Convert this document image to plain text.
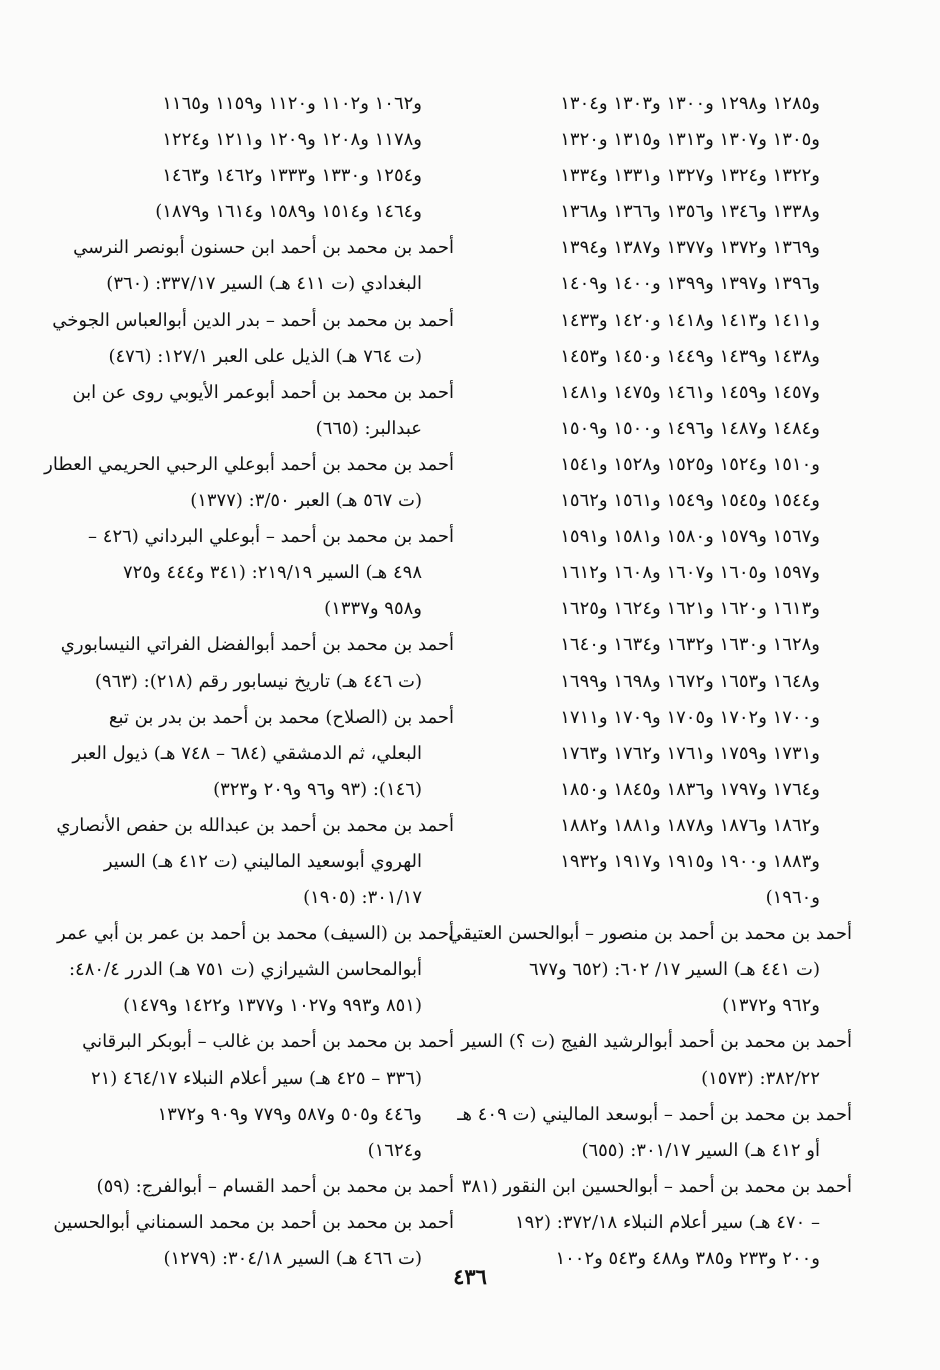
و١٢٨٥ و١٢٩٨ و١٣٠٠ و١٣٠٣ و١٣٠٤
و١٣٠٥ و١٣٠٧ و١٣١٣ و١٣١٥ و١٣٢٠
و١٣٢٢ و١٣٢٤ و١٣٢٧ و١٣٣١ و١٣٣٤
و١٣٣٨ و١٣٤٦ و١٣٥٦ و١٣٦٦ و١٣٦٨
و١٣٦٩ و١٣٧٢ و١٣٧٧ و١٣٨٧ و١٣٩٤
و١٣٩٦ و١٣٩٧ و١٣٩٩ و١٤٠٠ و١٤٠٩
و١٤١١ و١٤١٣ و١٤١٨ و١٤٢٠ و١٤٣٣
و١٤٣٨ و١٤٣٩ و١٤٤٩ و١٤٥٠ و١٤٥٣
و١٤٥٧ و١٤٥٩ و١٤٦١ و١٤٧٥ و١٤٨١
و١٤٨٤ و١٤٨٧ و١٤٩٦ و١٥٠٠ و١٥٠٩
و١٥١٠ و١٥٢٤ و١٥٢٥ و١٥٢٨ و١٥٤١
و١٥٤٤ و١٥٤٥ و١٥٤٩ و١٥٦١ و١٥٦٢
و١٥٦٧ و١٥٧٩ و١٥٨٠ و١٥٨١ و١٥٩١
و١٥٩٧ و١٦٠٥ و١٦٠٧ و١٦٠٨ و١٦١٢
و١٦١٣ و١٦٢٠ و١٦٢١ و١٦٢٤ و١٦٢٥
و١٦٢٨ و١٦٣٠ و١٦٣٢ و١٦٣٤ و١٦٤٠
و١٦٤٨ و١٦٥٣ و١٦٧٢ و١٦٩٨ و١٦٩٩
و١٧٠٠ و١٧٠٢ و١٧٠٥ و١٧٠٩ و١٧١١
و١٧٣١ و١٧٥٩ و١٧٦١ و١٧٦٢ و١٧٦٣
و١٧٦٤ و١٧٩٧ و١٨٣٦ و١٨٤٥ و١٨٥٠
و١٨٦٢ و١٨٧٦ و١٨٧٨ و١٨٨١ و١٨٨٢
و١٨٨٣ و١٩٠٠ و١٩١٥ و١٩١٧ و١٩٣٢
و١٩٦٠)
أحمد بن محمد بن أحمد بن منصور – أبوالحسن العتيقي
(ت ٤٤١ هـ) السير ١٧/ ٦٠٢: (٦٥٢ و٦٧٧
و٩٦٢ و١٣٧٢)
أحمد بن محمد بن أحمد أبوالرشيد الفيج (ت ؟) السير
٣٨٢/٢٢: (١٥٧٣)
أحمد بن محمد بن أحمد – أبوسعد الماليني (ت ٤٠٩ هـ
أو ٤١٢ هـ) السير ٣٠١/١٧: (٦٥٥)
أحمد بن محمد بن أحمد – أبوالحسين ابن النقور (٣٨١
– ٤٧٠ هـ) سير أعلام النبلاء ٣٧٢/١٨: (١٩٢
و٢٠٠ و٢٣٣ و٣٨٥ و٤٨٨ و٥٤٣ و١٠٠٢
و١٠٦٢ و١١٠٢ و١١٢٠ و١١٥٩ و١١٦٥
و١١٧٨ و١٢٠٨ و١٢٠٩ و١٢١١ و١٢٢٤
و١٢٥٤ و١٣٣٠ و١٣٣٣ و١٤٦٢ و١٤٦٣
و١٤٦٤ و١٥١٤ و١٥٨٩ و١٦١٤ و١٨٧٩)
أحمد بن محمد بن أحمد ابن حسنون أبونصر النرسي
البغدادي (ت ٤١١ هـ) السير ٣٣٧/١٧: (٣٦٠)
أحمد بن محمد بن أحمد – بدر الدين أبوالعباس الجوخي
(ت ٧٦٤ هـ) الذيل على العبر ١٢٧/١: (٤٧٦)
أحمد بن محمد بن أحمد أبوعمر الأيوبي روى عن ابن
عبدالبر: (٦٦٥)
أحمد بن محمد بن أحمد أبوعلي الرحبي الحريمي العطار
(ت ٥٦٧ هـ) العبر ٣/٥٠: (١٣٧٧)
أحمد بن محمد بن أحمد – أبوعلي البرداني (٤٢٦ –
٤٩٨ هـ) السير ٢١٩/١٩: (٣٤١ و٤٤٤ و٧٢٥
و٩٥٨ و١٣٣٧)
أحمد بن محمد بن أحمد أبوالفضل الفراتي النيسابوري
(ت ٤٤٦ هـ) تاريخ نيسابور رقم (٢١٨): (٩٦٣)
أحمد بن (الصلاح) محمد بن أحمد بن بدر بن تبع
البعلي، ثم الدمشقي (٦٨٤ – ٧٤٨ هـ) ذيول العبر
(١٤٦): (٩٣ و٩٦ و٢٠٩ و٣٢٣)
أحمد بن محمد بن أحمد بن عبدالله بن حفص الأنصاري
الهروي أبوسعيد الماليني (ت ٤١٢ هـ) السير
٣٠١/١٧: (١٩٠٥)
أحمد بن (السيف) محمد بن أحمد بن عمر بن أبي عمر
أبوالمحاسن الشيرازي (ت ٧٥١ هـ) الدرر ٤٨٠/٤:
(٨٥١ و٩٩٣ و١٠٢٧ و١٣٧٧ و١٤٢٢ و١٤٧٩)
أحمد بن محمد بن أحمد بن غالب – أبوبكر البرقاني
(٣٣٦ – ٤٢٥ هـ) سير أعلام النبلاء ٤٦٤/١٧ (٢١
و٤٤٦ و٥٠٥ و٥٨٧ و٧٧٩ و٩٠٩ و١٣٧٢
و١٦٢٤)
أحمد بن محمد بن أحمد القسام – أبوالفرج: (٥٩)
أحمد بن محمد بن أحمد بن محمد السمناني أبوالحسين
(ت ٤٦٦ هـ) السير ٣٠٤/١٨: (١٢٧٩)
٤٣٦
